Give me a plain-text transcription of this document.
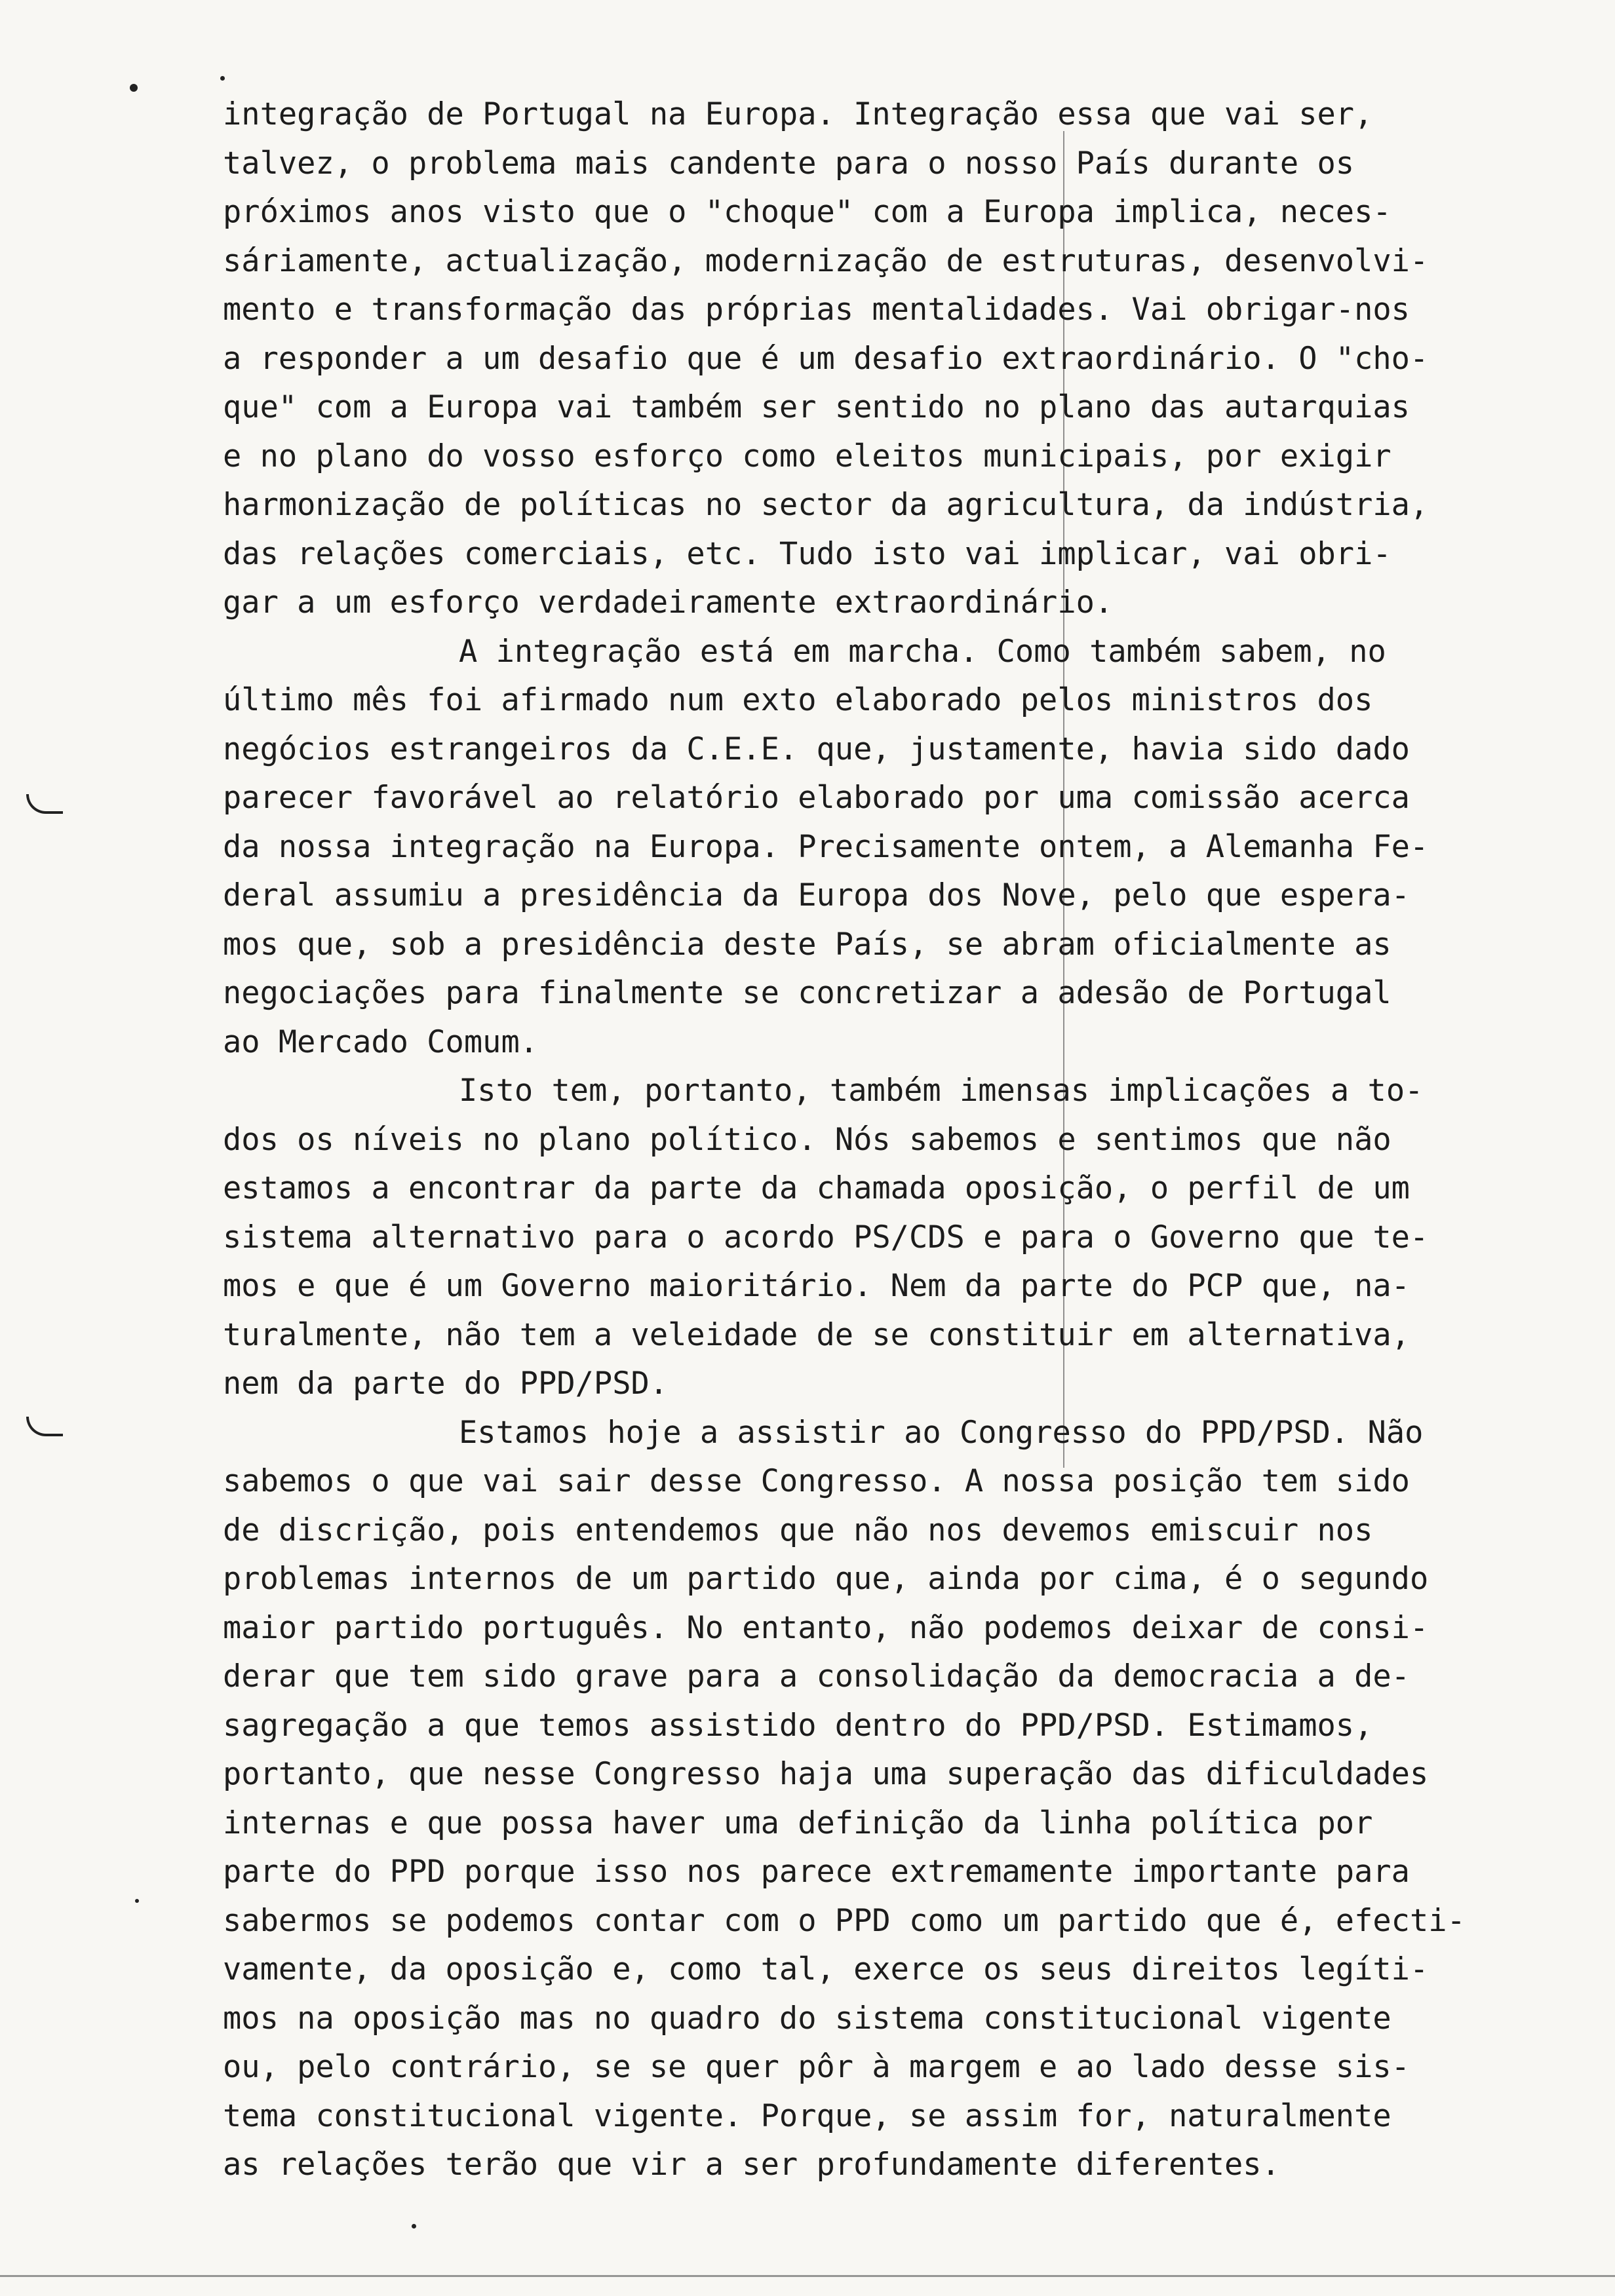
integração de Portugal na Europa. Integração essa que vai ser,
talvez, o problema mais candente para o nosso País durante os
próximos anos visto que o "choque" com a Europa implica, neces-
sáriamente, actualização, modernização de estruturas, desenvolvi-
mento e transformação das próprias mentalidades. Vai obrigar-nos
a responder a um desafio que é um desafio extraordinário. O "cho-
que" com a Europa vai também ser sentido no plano das autarquias
e no plano do vosso esforço como eleitos municipais, por exigir
harmonização de políticas no sector da agricultura, da indústria,
das relações comerciais, etc. Tudo isto vai implicar, vai obri-
gar a um esforço verdadeiramente extraordinário.
A integração está em marcha. Como também sabem, no
último mês foi afirmado num exto elaborado pelos ministros dos
negócios estrangeiros da C.E.E. que, justamente, havia sido dado
parecer favorável ao relatório elaborado por uma comissão acerca
da nossa integração na Europa. Precisamente ontem, a Alemanha Fe-
deral assumiu a presidência da Europa dos Nove, pelo que espera-
mos que, sob a presidência deste País, se abram oficialmente as
negociações para finalmente se concretizar a adesão de Portugal
ao Mercado Comum.
Isto tem, portanto, também imensas implicações a to-
dos os níveis no plano político. Nós sabemos e sentimos que não
estamos a encontrar da parte da chamada oposição, o perfil de um
sistema alternativo para o acordo PS/CDS e para o Governo que te-
mos e que é um Governo maioritário. Nem da parte do PCP que, na-
turalmente, não tem a veleidade de se constituir em alternativa,
nem da parte do PPD/PSD.
Estamos hoje a assistir ao Congresso do PPD/PSD. Não
sabemos o que vai sair desse Congresso. A nossa posição tem sido
de discrição, pois entendemos que não nos devemos emiscuir nos
problemas internos de um partido que, ainda por cima, é o segundo
maior partido português. No entanto, não podemos deixar de consi-
derar que tem sido grave para a consolidação da democracia a de-
sagregação a que temos assistido dentro do PPD/PSD. Estimamos,
portanto, que nesse Congresso haja uma superação das dificuldades
internas e que possa haver uma definição da linha política por
parte do PPD porque isso nos parece extremamente importante para
sabermos se podemos contar com o PPD como um partido que é, efecti-
vamente, da oposição e, como tal, exerce os seus direitos legíti-
mos na oposição mas no quadro do sistema constitucional vigente
ou, pelo contrário, se se quer pôr à margem e ao lado desse sis-
tema constitucional vigente. Porque, se assim for, naturalmente
as relações terão que vir a ser profundamente diferentes.
